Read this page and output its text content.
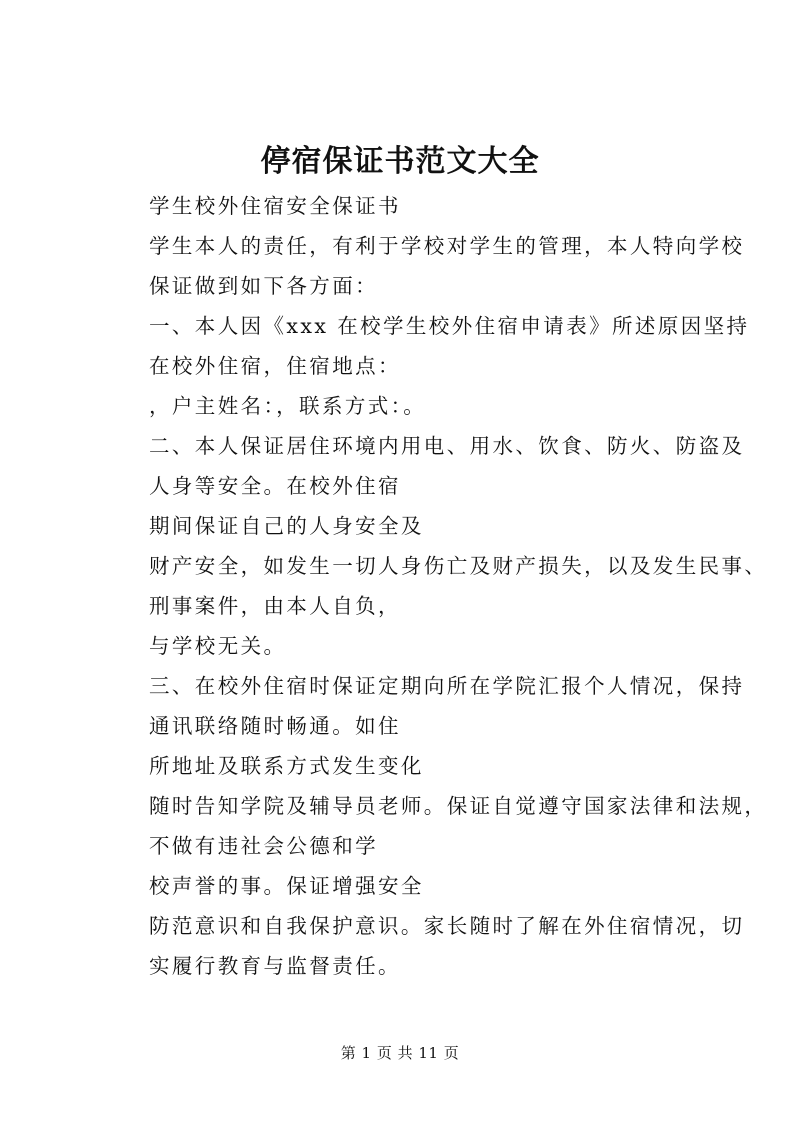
停宿保证书范文大全

学生校外住宿安全保证书

学生本人的责任，有利于学校对学生的管理，本人特向学校
保证做到如下各方面：

一、本人因《xxx 在校学生校外住宿申请表》所述原因坚持
在校外住宿，住宿地点：

，户主姓名：，联系方式：。

二、本人保证居住环境内用电、用水、饮食、防火、防盗及
人身等安全。在校外住宿

期间保证自己的人身安全及

财产安全，如发生一切人身伤亡及财产损失，以及发生民事、
刑事案件，由本人自负，

与学校无关。

三、在校外住宿时保证定期向所在学院汇报个人情况，保持
通讯联络随时畅通。如住

所地址及联系方式发生变化

随时告知学院及辅导员老师。保证自觉遵守国家法律和法规，
不做有违社会公德和学

校声誉的事。保证增强安全

防范意识和自我保护意识。家长随时了解在外住宿情况，切
实履行教育与监督责任。

第 1 页 共 11 页
